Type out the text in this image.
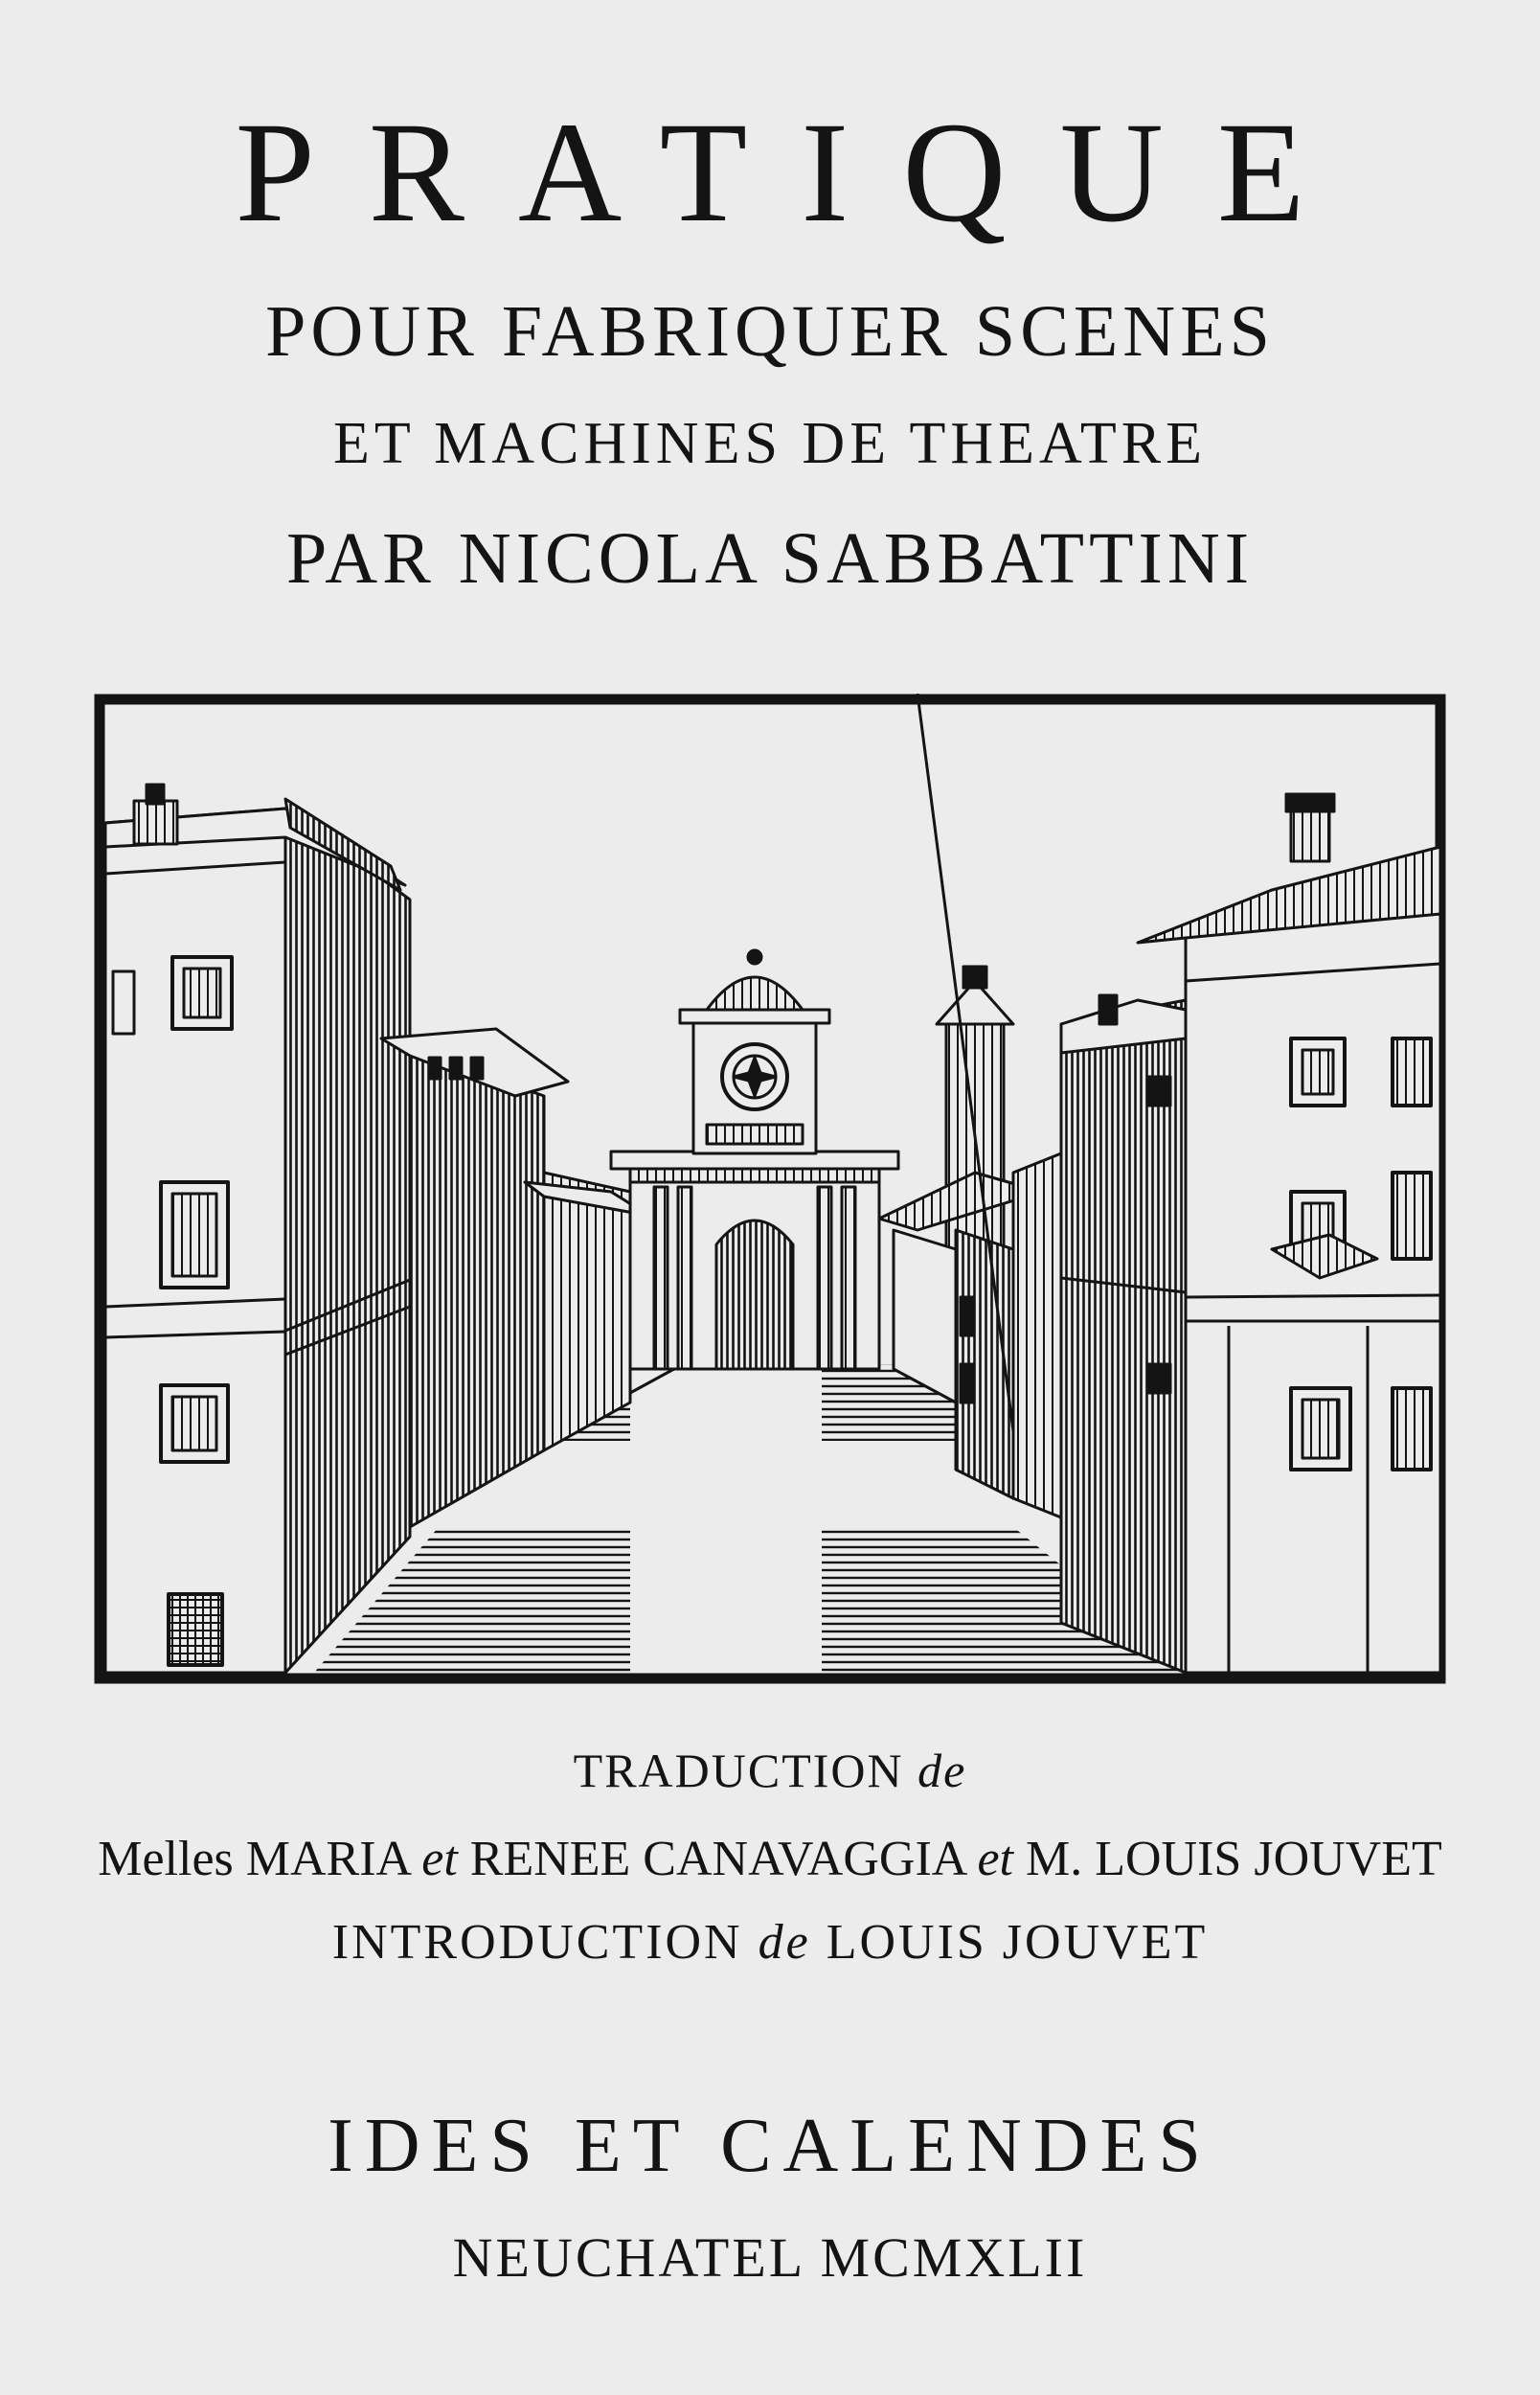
PRATIQUE
POUR FABRIQUER SCENES
ET MACHINES DE THEATRE
PAR NICOLA SABBATTINI
TRADUCTION de
Melles MARIA et RENEE CANAVAGGIA et M. LOUIS JOUVET
INTRODUCTION de LOUIS JOUVET
IDES ET CALENDES
NEUCHATEL MCMXLII
